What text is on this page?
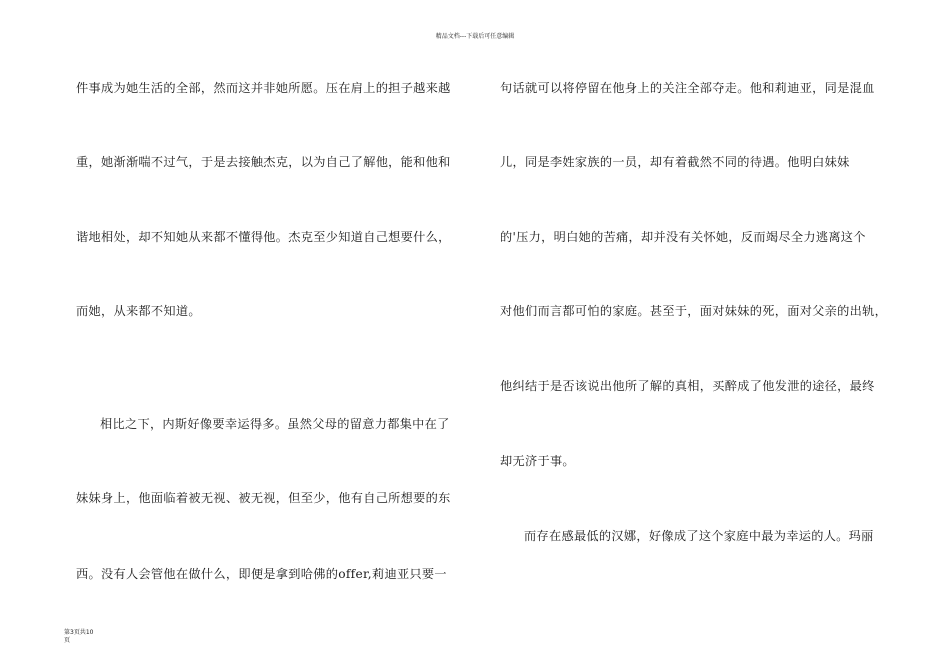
精品文档---下载后可任意编辑
件事成为她生活的全部，然而这并非她所愿。压在肩上的担子越来越
重，她渐渐喘不过气，于是去接触杰克，以为自己了解他，能和他和
谐地相处，却不知她从来都不懂得他。杰克至少知道自己想要什么，
而她，从来都不知道。
相比之下，内斯好像要幸运得多。虽然父母的留意力都集中在了
妹妹身上，他面临着被无视、被无视，但至少，他有自己所想要的东
西。没有人会管他在做什么，即便是拿到哈佛的offer,莉迪亚只要一
句话就可以将停留在他身上的关注全部夺走。他和莉迪亚，同是混血
儿，同是李姓家族的一员，却有着截然不同的待遇。他明白妹妹
的'压力，明白她的苦痛，却并没有关怀她，反而竭尽全力逃离这个
对他们而言都可怕的家庭。甚至于，面对妹妹的死，面对父亲的出轨，
他纠结于是否该说出他所了解的真相，买醉成了他发泄的途径，最终
却无济于事。
而存在感最低的汉娜，好像成了这个家庭中最为幸运的人。玛丽
第3页共10
页
